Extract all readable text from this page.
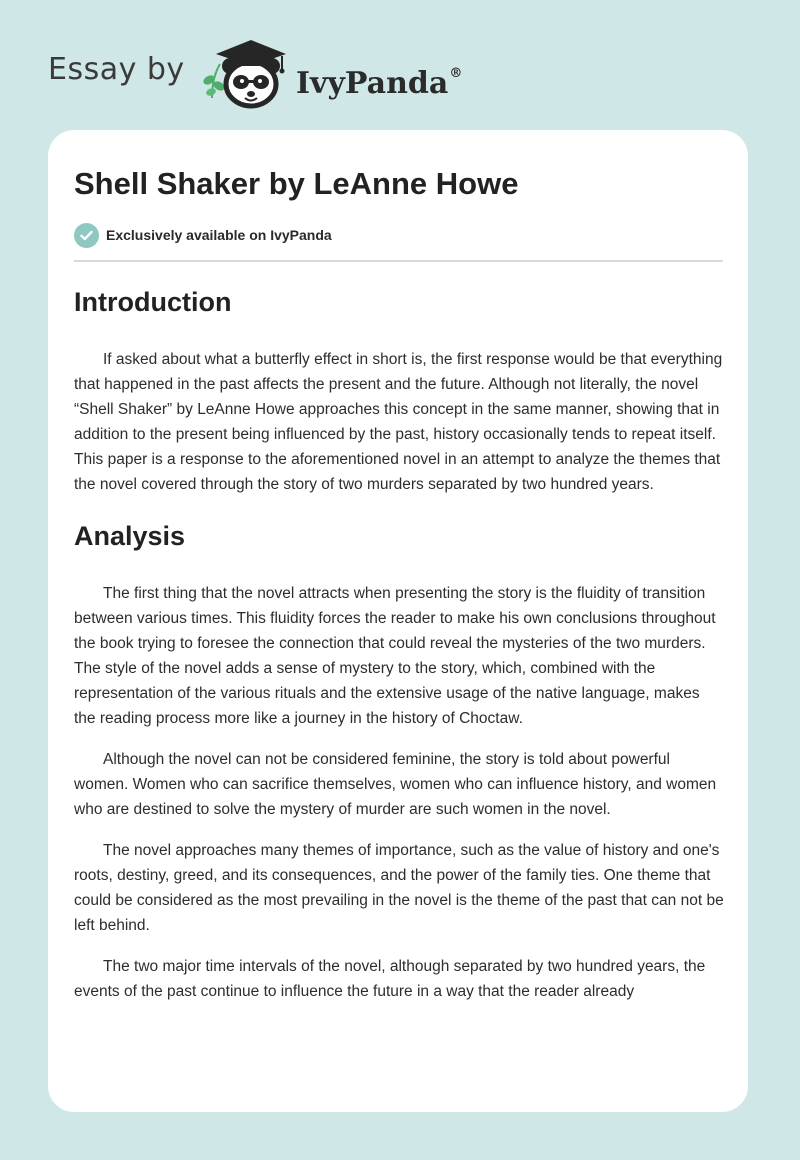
Essay by	IvyPanda®
Shell Shaker by LeAnne Howe
Exclusively available on IvyPanda
Introduction

If asked about what a butterfly effect in short is, the first response would be that everything that happened in the past affects the present and the future. Although not literally, the novel “Shell Shaker” by LeAnne Howe approaches this concept in the same manner, showing that in addition to the present being influenced by the past, history occasionally tends to repeat itself. This paper is a response to the aforementioned novel in an attempt to analyze the themes that the novel covered through the story of two murders separated by two hundred years.

Analysis

The first thing that the novel attracts when presenting the story is the fluidity of transition between various times. This fluidity forces the reader to make his own conclusions throughout the book trying to foresee the connection that could reveal the mysteries of the two murders. The style of the novel adds a sense of mystery to the story, which, combined with the representation of the various rituals and the extensive usage of the native language, makes the reading process more like a journey in the history of Choctaw.

Although the novel can not be considered feminine, the story is told about powerful women. Women who can sacrifice themselves, women who can influence history, and women who are destined to solve the mystery of murder are such women in the novel.

The novel approaches many themes of importance, such as the value of history and one's roots, destiny, greed, and its consequences, and the power of the family ties. One theme that could be considered as the most prevailing in the novel is the theme of the past that can not be left behind.

The two major time intervals of the novel, although separated by two hundred years, the events of the past continue to influence the future in a way that the reader already
